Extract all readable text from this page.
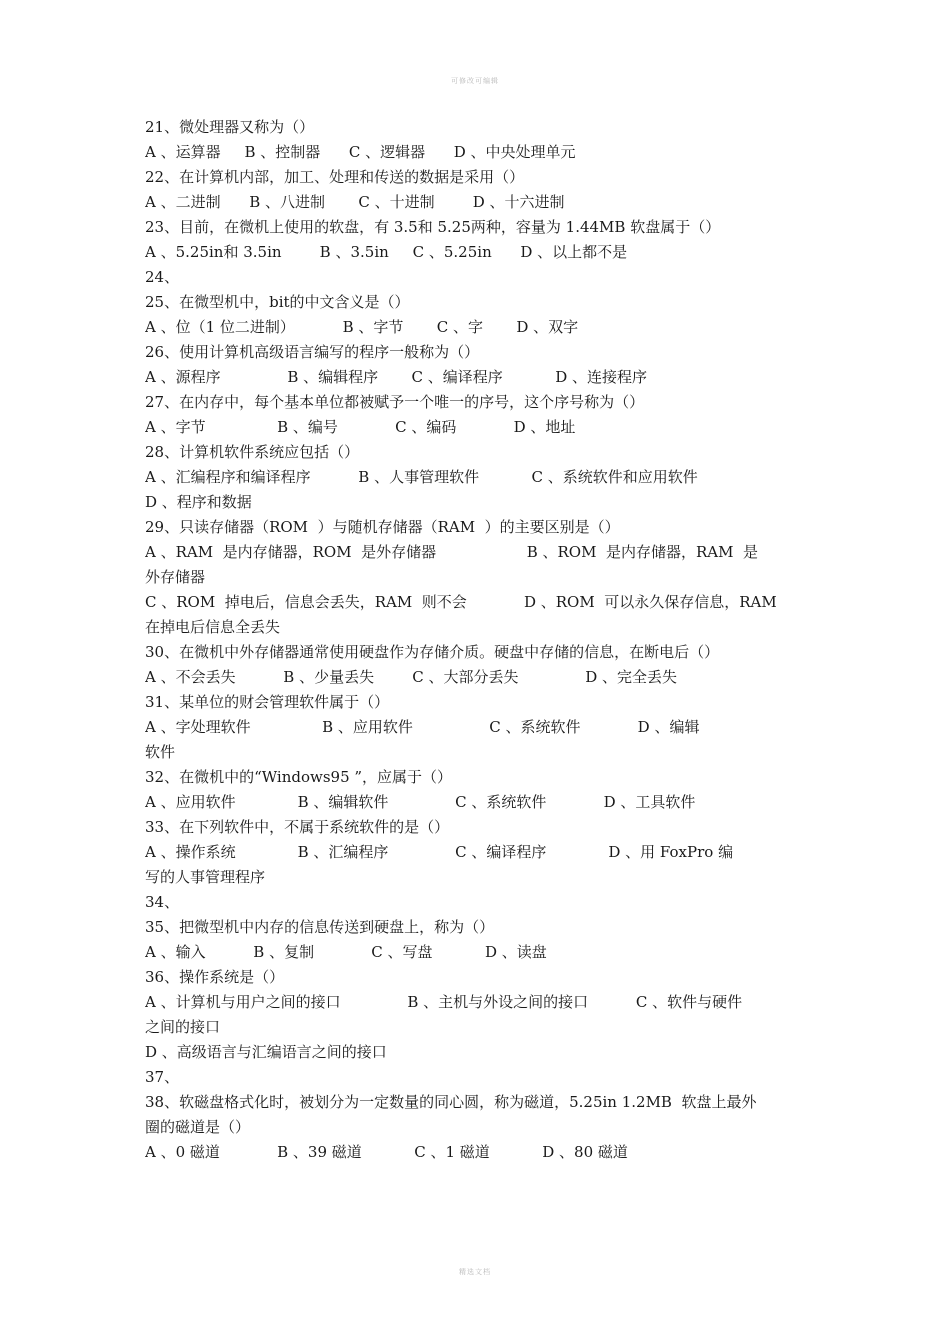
可修改可编辑
21、微处理器又称为（）
A 、运算器     B 、控制器      C 、逻辑器      D 、中央处理单元
22、在计算机内部，加工、处理和传送的数据是采用（）
A 、二进制      B 、八进制       C 、十进制        D 、十六进制
23、目前，在微机上使用的软盘，有 3.5和 5.25两种，容量为 1.44MB 软盘属于（）
A 、5.25in和 3.5in        B 、3.5in     C 、5.25in      D 、以上都不是
24、
25、在微型机中，bit的中文含义是（）
A 、位（1 位二进制）          B 、字节       C 、字       D 、双字
26、使用计算机高级语言编写的程序一般称为（）
A 、源程序              B 、编辑程序       C 、编译程序           D 、连接程序
27、在内存中，每个基本单位都被赋予一个唯一的序号，这个序号称为（）
A 、字节               B 、编号            C 、编码            D 、地址
28、计算机软件系统应包括（）
A 、汇编程序和编译程序          B 、人事管理软件           C 、系统软件和应用软件
D 、程序和数据
29、只读存储器（ROM  ）与随机存储器（RAM  ）的主要区别是（）
A 、RAM  是内存储器，ROM  是外存储器                   B 、ROM  是内存储器，RAM  是
外存储器
C 、ROM  掉电后，信息会丢失，RAM  则不会            D 、ROM  可以永久保存信息，RAM
在掉电后信息全丢失
30、在微机中外存储器通常使用硬盘作为存储介质。硬盘中存储的信息，在断电后（）
A 、不会丢失          B 、少量丢失        C 、大部分丢失              D 、完全丢失
31、某单位的财会管理软件属于（）
A 、字处理软件               B 、应用软件                C 、系统软件            D 、编辑
软件
32、在微机中的“Windows95 ”，应属于（）
A 、应用软件             B 、编辑软件              C 、系统软件            D 、工具软件
33、在下列软件中，不属于系统软件的是（）
A 、操作系统             B 、汇编程序              C 、编译程序             D 、用 FoxPro 编
写的人事管理程序
34、
35、把微型机中内存的信息传送到硬盘上，称为（）
A 、输入          B 、复制            C 、写盘           D 、读盘
36、操作系统是（）
A 、计算机与用户之间的接口              B 、主机与外设之间的接口          C 、软件与硬件
之间的接口
D 、高级语言与汇编语言之间的接口
37、
38、软磁盘格式化时，被划分为一定数量的同心圆，称为磁道，5.25in 1.2MB  软盘上最外
圈的磁道是（）
A 、0 磁道            B 、39 磁道           C 、1 磁道           D 、80 磁道
精选文档
